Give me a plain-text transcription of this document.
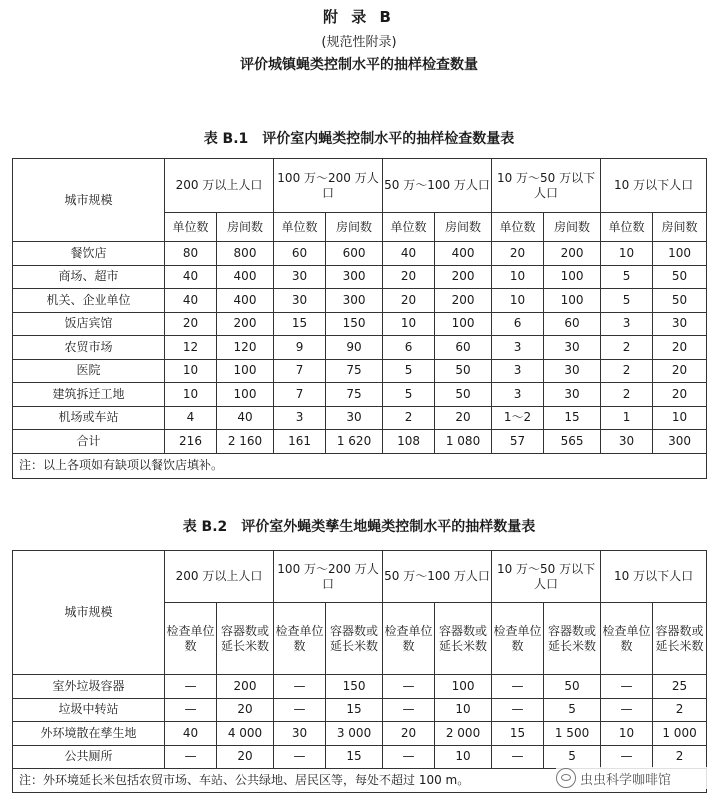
附 录 B
(规范性附录)
评价城镇蝇类控制水平的抽样检查数量
表 B.1　评价室内蝇类控制水平的抽样检查数量表
城市规模	200 万以上人口		100 万～200 万人口		50 万～100 万人口		10 万～50 万以下人口		10 万以下人口	
	单位数	房间数	单位数	房间数	单位数	房间数	单位数	房间数	单位数	房间数
餐饮店	80	800	60	600	40	400	20	200	10	100
商场、超市	40	400	30	300	20	200	10	100	5	50
机关、企业单位	40	400	30	300	20	200	10	100	5	50
饭店宾馆	20	200	15	150	10	100	6	60	3	30
农贸市场	12	120	9	90	6	60	3	30	2	20
医院	10	100	7	75	5	50	3	30	2	20
建筑拆迁工地	10	100	7	75	5	50	3	30	2	20
机场或车站	4	40	3	30	2	20	1～2	15	1	10
合计	216	2 160	161	1 620	108	1 080	57	565	30	300
注：以上各项如有缺项以餐饮店填补。										
表 B.2　评价室外蝇类孳生地蝇类控制水平的抽样数量表
城市规模	200 万以上人口		100 万～200 万人口		50 万～100 万人口		10 万～50 万以下人口		10 万以下人口	
	检查单位数	容器数或延长米数	检查单位数	容器数或延长米数	检查单位数	容器数或延长米数	检查单位数	容器数或延长米数	检查单位数	容器数或延长米数
室外垃圾容器	—	200	—	150	—	100	—	50	—	25
垃圾中转站	—	20	—	15	—	10	—	5	—	2
外环境散在孳生地	40	4 000	30	3 000	20	2 000	15	1 500	10	1 000
公共厕所	—	20	—	15	—	10	—	5	—	2
注：外环境延长米包括农贸市场、车站、公共绿地、居民区等，每处不超过 100 m。											虫虫科学咖啡馆
